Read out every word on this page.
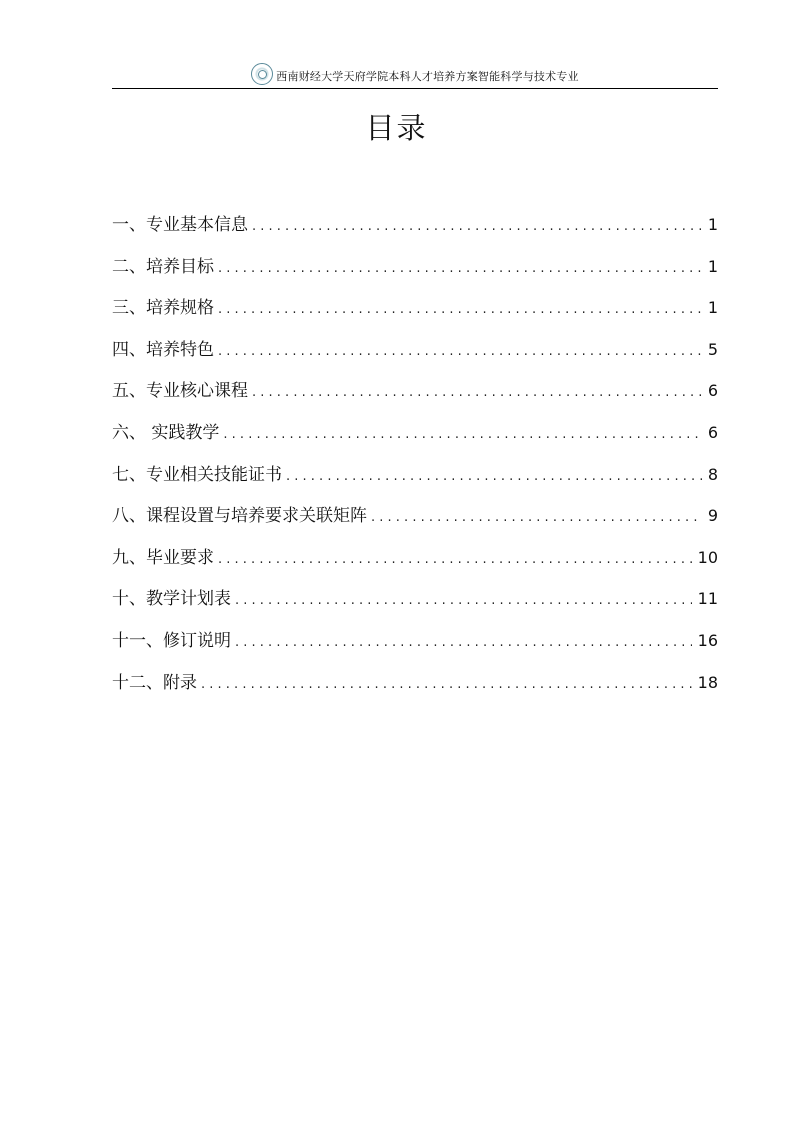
西南财经大学天府学院本科人才培养方案智能科学与技术专业
目录
一、专业基本信息 . . .	1
二、培养目标 . . .	1
三、培养规格 . . .	1
四、培养特色 . . .	5
五、专业核心课程 . . .	6
六、 实践教学 . . .	6
七、专业相关技能证书 . . .	8
八、课程设置与培养要求关联矩阵 . . .	9
九、毕业要求 . . .	10
十、教学计划表 . . .	11
十一、修订说明 . . .	16
十二、附录 . . .	18
